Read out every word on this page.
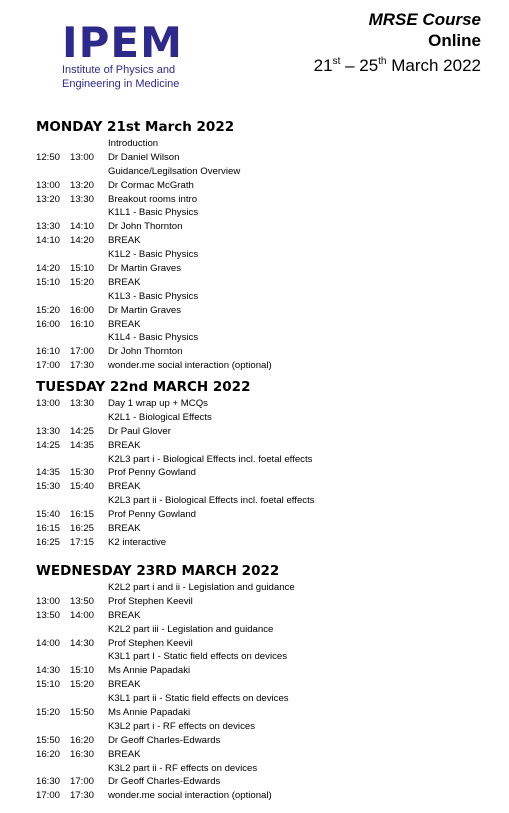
IPEM
Institute of Physics and
Engineering in Medicine
MRSE Course
Online
21st – 25th March 2022
MONDAY 21st March 2022
Introduction
12:50	13:00	Dr Daniel Wilson
Guidance/Legilsation Overview
13:00	13:20	Dr Cormac McGrath
13:20	13:30	Breakout rooms intro
K1L1 - Basic Physics
13:30	14:10	Dr John Thornton
14:10	14:20	BREAK
K1L2 - Basic Physics
14:20	15:10	Dr Martin Graves
15:10	15:20	BREAK
K1L3 - Basic Physics
15:20	16:00	Dr Martin Graves
16:00	16:10	BREAK
K1L4 - Basic Physics
16:10	17:00	Dr John Thornton
17:00	17:30	wonder.me social interaction (optional)
TUESDAY 22nd MARCH 2022
13:00	13:30	Day 1 wrap up + MCQs
K2L1 - Biological Effects
13:30	14:25	Dr Paul Glover
14:25	14:35	BREAK
K2L3 part i - Biological Effects incl. foetal effects
14:35	15:30	Prof Penny Gowland
15:30	15:40	BREAK
K2L3 part ii - Biological Effects incl. foetal effects
15:40	16:15	Prof Penny Gowland
16:15	16:25	BREAK
16:25	17:15	K2 interactive
WEDNESDAY 23RD MARCH 2022
K2L2 part i and ii - Legislation and guidance
13:00	13:50	Prof Stephen Keevil
13:50	14:00	BREAK
K2L2 part iii - Legislation and guidance
14:00	14:30	Prof Stephen Keevil
K3L1 part I - Static field effects on devices
14:30	15:10	Ms Annie Papadaki
15:10	15:20	BREAK
K3L1 part ii - Static field effects on devices
15:20	15:50	Ms Annie Papadaki
K3L2 part i - RF effects on devices
15:50	16:20	Dr Geoff Charles-Edwards
16:20	16:30	BREAK
K3L2 part ii - RF effects on devices
16:30	17:00	Dr Geoff Charles-Edwards
17:00	17:30	wonder.me social interaction (optional)
